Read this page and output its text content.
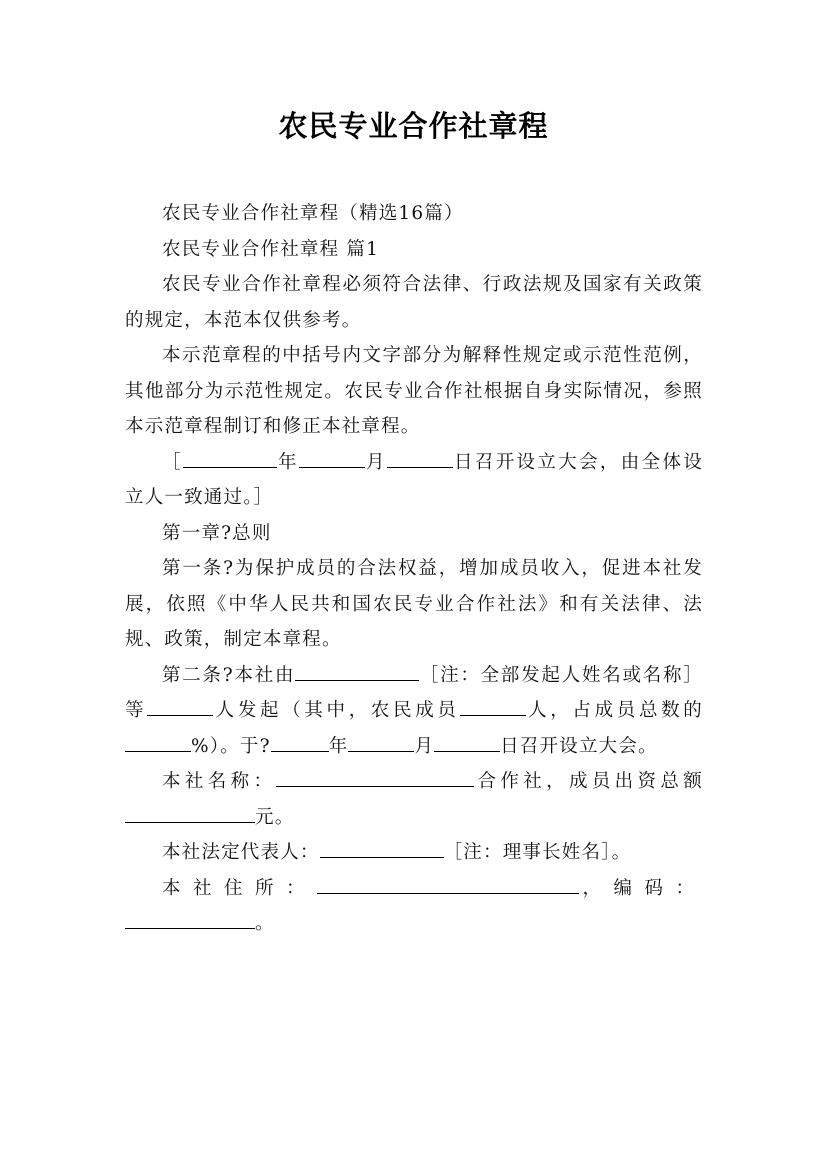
农民专业合作社章程

农民专业合作社章程（精选16篇）

农民专业合作社章程 篇1

农民专业合作社章程必须符合法律、行政法规及国家有关政策的规定，本范本仅供参考。

本示范章程的中括号内文字部分为解释性规定或示范性范例，其他部分为示范性规定。农民专业合作社根据自身实际情况，参照本示范章程制订和修正本社章程。

［	年	月	日召开设立大会，由全体设立人一致通过。］

第一章?总则

第一条?为保护成员的合法权益，增加成员收入，促进本社发展，依照《中华人民共和国农民专业合作社法》和有关法律、法规、政策，制定本章程。

第二条?本社由	［注：全部发起人姓名或名称］等	人发起（其中，农民成员	人，占成员总数的%）。于?	年	月	日召开设立大会。

本社名称：	合作社，成员出资总额元。

本社法定代表人：	［注：理事长姓名］。

本社住所：	，编码：。
